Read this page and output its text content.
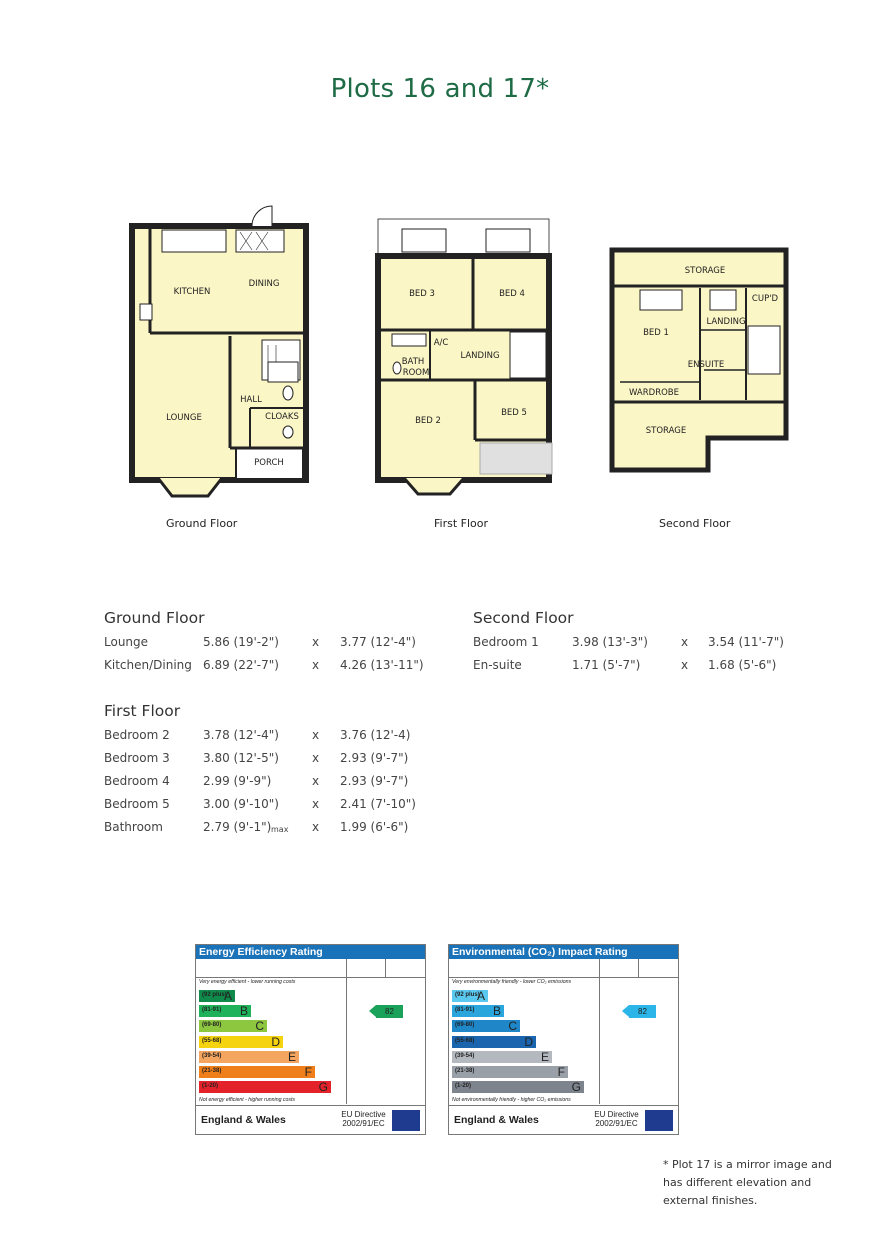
Plots 16 and 17*
KITCHEN
DINING
LOUNGE
HALL
CLOAKS
PORCH
BED 3	BED 4
A/C
BATH
ROOM
LANDING
BED 2
BED 5
STORAGE
CUP'D
LANDING
BED 1
ENSUITE
WARDROBE
STORAGE
Ground Floor	First Floor	Second Floor
Ground Floor
Lounge	5.86 (19'-2")	x 3.77 (12'-4")
Kitchen/Dining 6.89 (22'-7")	x 4.26 (13'-11")
First Floor
Bedroom 2	3.78 (12'-4")	x 3.76 (12'-4)
Bedroom 3	3.80 (12'-5")	x 2.93 (9'-7")
Bedroom 4	2.99 (9'-9")	x 2.93 (9'-7")
Bedroom 5	3.00 (9'-10")	x 2.41 (7'-10")
Bathroom	2.79 (9'-1") max x 1.99 (6'-6")
Second Floor
Bedroom 1	3.98 (13'-3")	x 3.54 (11'-7")
En-suite	1.71 (5'-7")	x 1.68 (5'-6")
Energy Efficiency Rating
Very energy efficient - lower running costs
(92 plus)
A
(81-91) B
(69-80)	C
(55-68)	D
(39-54)	E
(21-38)	F
(1-20)	G
Not energy efficient - higher running costs
82
England & Wales	EU Directive
2002/91/EC
Environmental (CO₂) Impact Rating
Very environmentally friendly - lower CO₂ emissions
(92 plus)
A
(81-91) B
(69-80)	C
(55-68)	D
(39-54)	E
(21-38)	F
(1-20)	G
Not environmentally friendly - higher CO₂ emissions
82
England & Wales	EU Directive
2002/91/EC
* Plot 17 is a mirror image and
has different elevation and
external finishes.
